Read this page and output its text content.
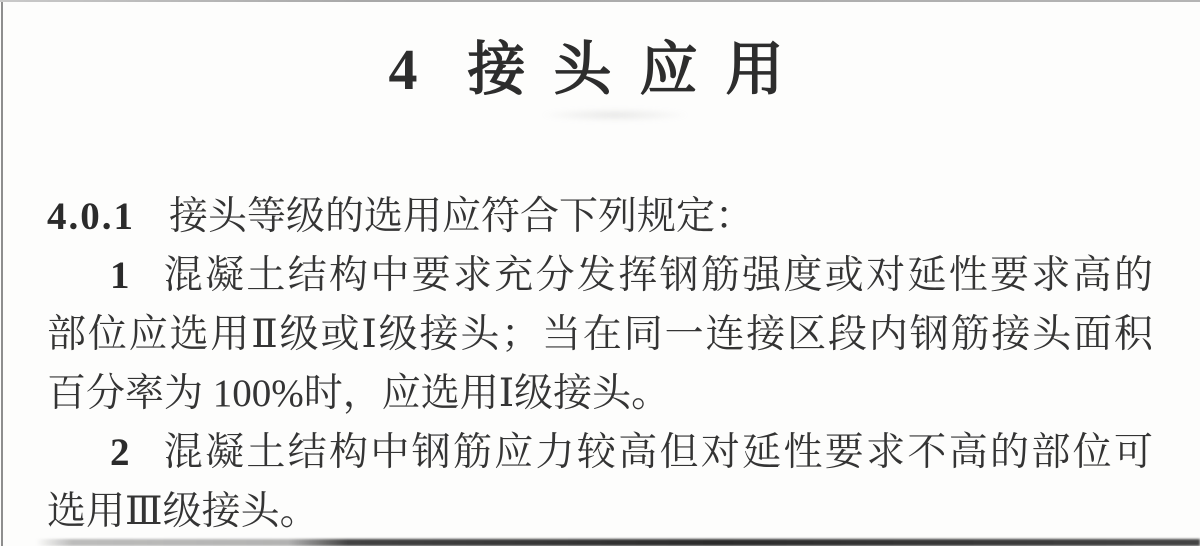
4 接头应用
4.0.1 接头等级的选用应符合下列规定：
1 混凝土结构中要求充分发挥钢筋强度或对延性要求高的
部位应选用Ⅱ级或Ⅰ级接头；当在同一连接区段内钢筋接头面积
百分率为 100%时，应选用Ⅰ级接头。
2 混凝土结构中钢筋应力较高但对延性要求不高的部位可
选用Ⅲ级接头。
